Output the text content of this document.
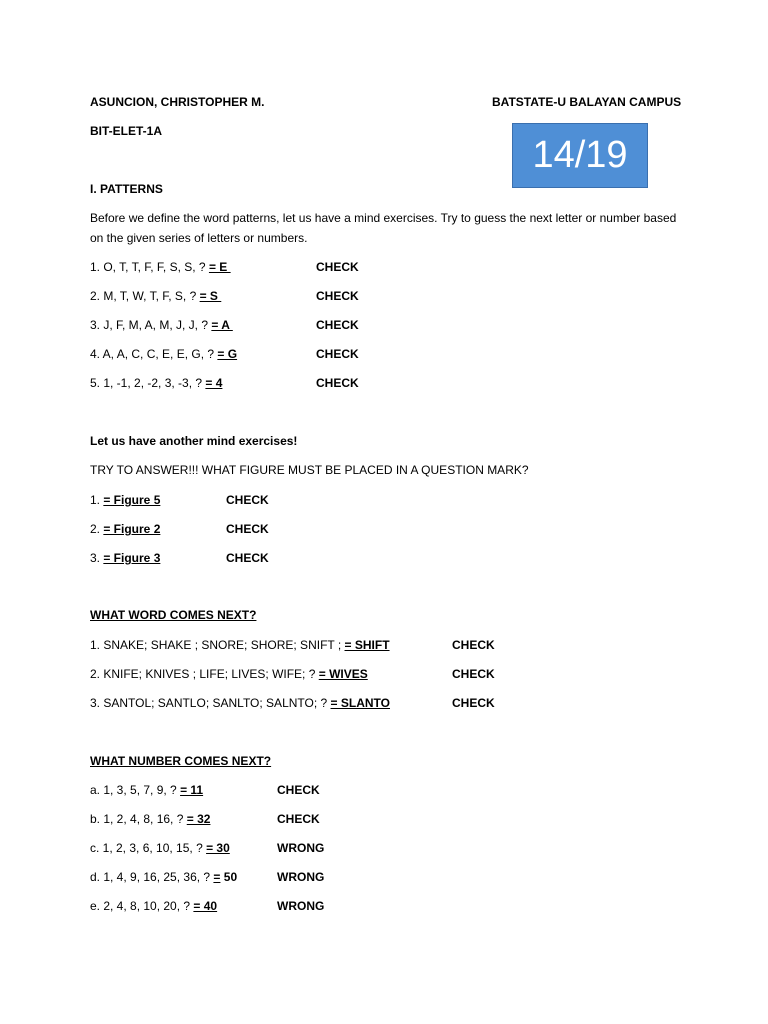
ASUNCION, CHRISTOPHER M.	BATSTATE-U BALAYAN CAMPUS
BIT-ELET-1A
14/19
I. PATTERNS
Before we define the word patterns, let us have a mind exercises. Try to guess the next letter or number based on the given series of letters or numbers.
1. O, T, T, F, F, S, S, ? = E	CHECK
2. M, T, W, T, F, S, ? = S	CHECK
3. J, F, M, A, M, J, J, ? = A	CHECK
4. A, A, C, C, E, E, G, ? = G	CHECK
5. 1, -1, 2, -2, 3, -3, ? = 4	CHECK
Let us have another mind exercises!
TRY TO ANSWER!!! WHAT FIGURE MUST BE PLACED IN A QUESTION MARK?
1. = Figure 5	CHECK
2. = Figure 2	CHECK
3. = Figure 3	CHECK
WHAT WORD COMES NEXT?
1. SNAKE; SHAKE ; SNORE; SHORE; SNIFT ; = SHIFT	CHECK
2. KNIFE; KNIVES ; LIFE; LIVES; WIFE; ? = WIVES	CHECK
3. SANTOL; SANTLO; SANLTO; SALNTO; ? = SLANTO	CHECK
WHAT NUMBER COMES NEXT?
a. 1, 3, 5, 7, 9, ? = 11	CHECK
b. 1, 2, 4, 8, 16, ? = 32	CHECK
c. 1, 2, 3, 6, 10, 15, ? = 30	WRONG
d. 1, 4, 9, 16, 25, 36, ? = 50	WRONG
e. 2, 4, 8, 10, 20, ? = 40	WRONG
